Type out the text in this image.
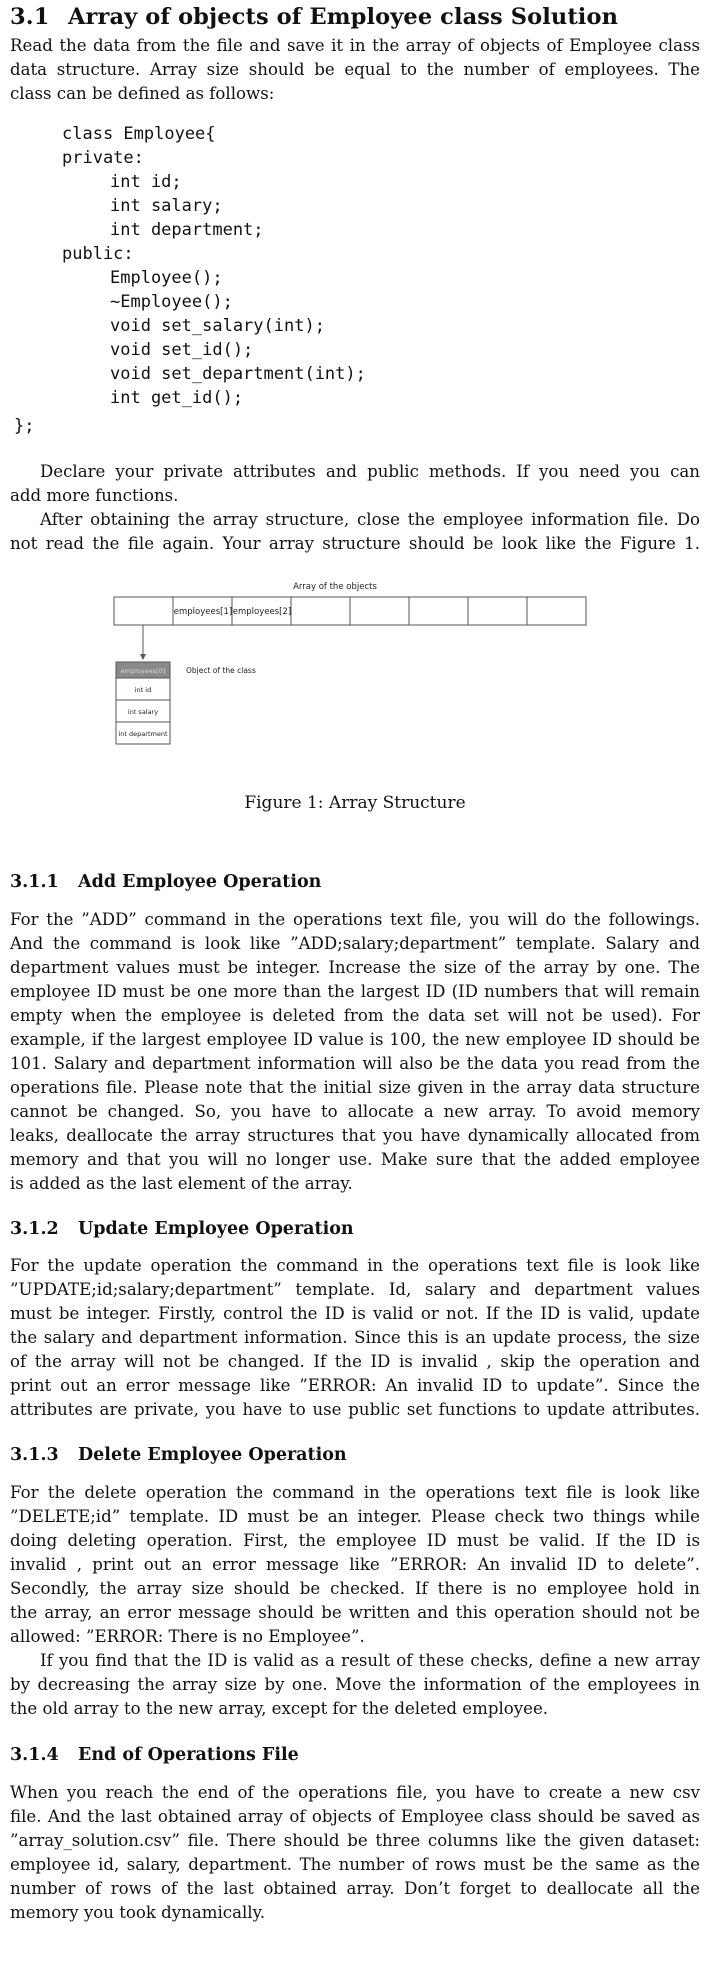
3.1 Array of objects of Employee class Solution
Read the data from the file and save it in the array of objects of Employee class
data structure. Array size should be equal to the number of employees. The
class can be defined as follows:
class Employee{
private:
int id;
int salary;
int department;
public:
Employee();
~Employee();
void set_salary(int);
void set_id();
void set_department(int);
int get_id();
};
Declare your private attributes and public methods. If you need you can
add more functions.
After obtaining the array structure, close the employee information file. Do
not read the file again. Your array structure should be look like the Figure 1.
Array of the objects
employees[1] employees[2]
employees[0]	Object of the class
int id
int salary
int department
Figure 1: Array Structure
3.1.1 Add Employee Operation
For the ”ADD” command in the operations text file, you will do the followings.
And the command is look like ”ADD;salary;department” template. Salary and
department values must be integer. Increase the size of the array by one. The
employee ID must be one more than the largest ID (ID numbers that will remain
empty when the employee is deleted from the data set will not be used). For
example, if the largest employee ID value is 100, the new employee ID should be
101. Salary and department information will also be the data you read from the
operations file. Please note that the initial size given in the array data structure
cannot be changed. So, you have to allocate a new array. To avoid memory
leaks, deallocate the array structures that you have dynamically allocated from
memory and that you will no longer use. Make sure that the added employee
is added as the last element of the array.
3.1.2 Update Employee Operation
For the update operation the command in the operations text file is look like
”UPDATE;id;salary;department” template. Id, salary and department values
must be integer. Firstly, control the ID is valid or not. If the ID is valid, update
the salary and department information. Since this is an update process, the size
of the array will not be changed. If the ID is invalid , skip the operation and
print out an error message like ”ERROR: An invalid ID to update”. Since the
attributes are private, you have to use public set functions to update attributes.
3.1.3 Delete Employee Operation
For the delete operation the command in the operations text file is look like
”DELETE;id” template. ID must be an integer. Please check two things while
doing deleting operation. First, the employee ID must be valid. If the ID is
invalid , print out an error message like ”ERROR: An invalid ID to delete”.
Secondly, the array size should be checked. If there is no employee hold in
the array, an error message should be written and this operation should not be
allowed: ”ERROR: There is no Employee”.
If you find that the ID is valid as a result of these checks, define a new array
by decreasing the array size by one. Move the information of the employees in
the old array to the new array, except for the deleted employee.
3.1.4 End of Operations File
When you reach the end of the operations file, you have to create a new csv
file. And the last obtained array of objects of Employee class should be saved as
”array_solution.csv” file. There should be three columns like the given dataset:
employee id, salary, department. The number of rows must be the same as the
number of rows of the last obtained array. Don’t forget to deallocate all the
memory you took dynamically.
